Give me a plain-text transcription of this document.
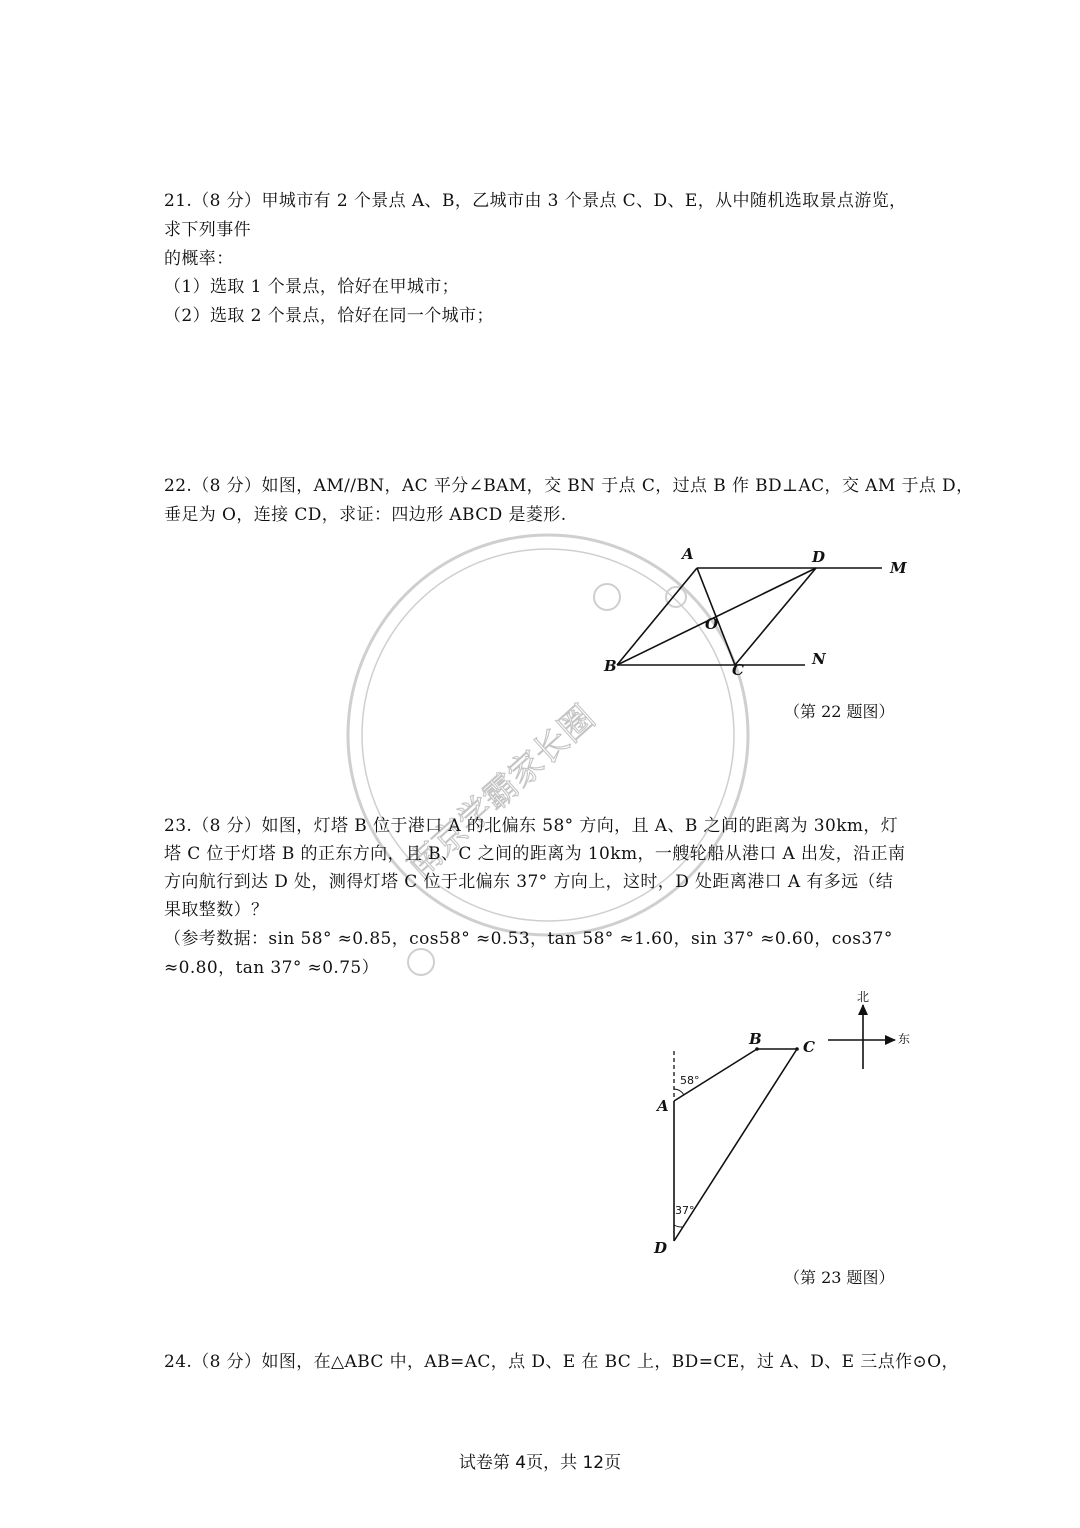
南京学霸家长圈
21.（8 分）甲城市有 2 个景点 A、B，乙城市由 3 个景点 C、D、E，从中随机选取景点游览，
求下列事件
的概率：
（1）选取 1 个景点，恰好在甲城市；
（2）选取 2 个景点，恰好在同一个城市；
22.（8 分）如图，AM//BN，AC 平分∠BAM，交 BN 于点 C，过点 B 作 BD⊥AC，交 AM 于点 D，
垂足为 O，连接 CD，求证：四边形 ABCD 是菱形.
A	D
M
O
B	C
N
（第 22 题图）
23.（8 分）如图，灯塔 B 位于港口 A 的北偏东 58° 方向，且 A、B 之间的距离为 30km，灯
塔 C 位于灯塔 B 的正东方向，且 B、C 之间的距离为 10km，一艘轮船从港口 A 出发，沿正南
方向航行到达 D 处，测得灯塔 C 位于北偏东 37° 方向上，这时，D 处距离港口 A 有多远（结
果取整数）？
（参考数据：sin 58° ≈0.85，cos58° ≈0.53，tan 58° ≈1.60，sin 37° ≈0.60，cos37°
≈0.80，tan 37° ≈0.75）
A
B	C
D
58°
37°
北
东
（第 23 题图）
24.（8 分）如图，在△ABC 中，AB=AC，点 D、E 在 BC 上，BD=CE，过 A、D、E 三点作⊙O，
试卷第 4页，共 12页
